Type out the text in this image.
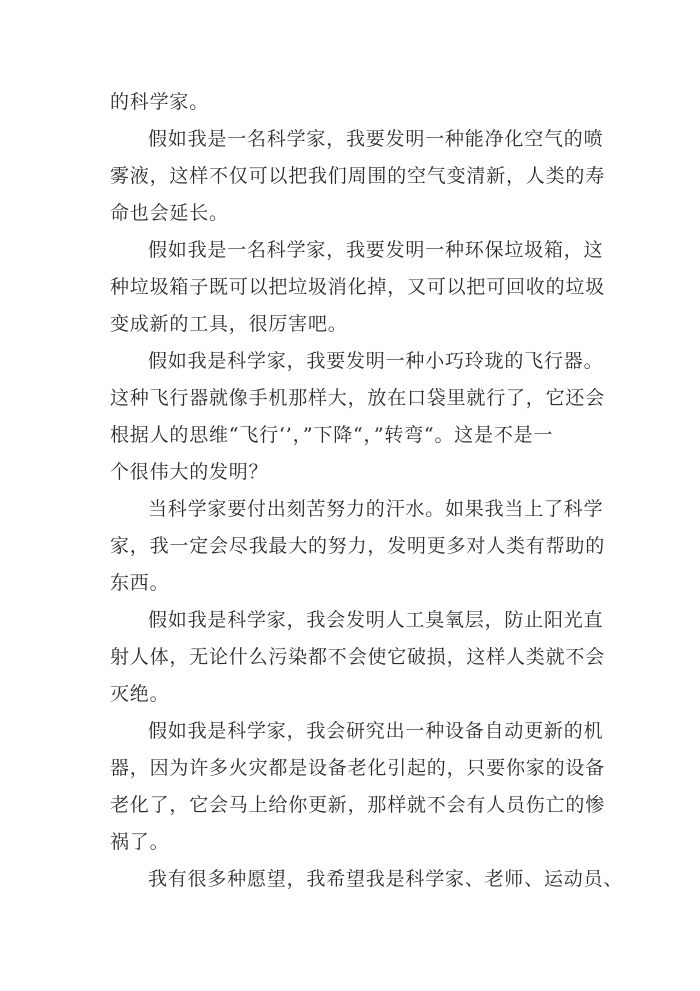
的科学家。
假如我是一名科学家，我要发明一种能净化空气的喷
雾液，这样不仅可以把我们周围的空气变清新，人类的寿
命也会延长。
假如我是一名科学家，我要发明一种环保垃圾箱，这
种垃圾箱子既可以把垃圾消化掉，又可以把可回收的垃圾
变成新的工具，很厉害吧。
假如我是科学家，我要发明一种小巧玲珑的飞行器。
这种飞行器就像手机那样大，放在口袋里就行了，它还会
根据人的思维“飞行‘’，”下降“，”转弯“。这是不是一
个很伟大的发明？
当科学家要付出刻苦努力的汗水。如果我当上了科学
家，我一定会尽我最大的努力，发明更多对人类有帮助的
东西。
假如我是科学家，我会发明人工臭氧层，防止阳光直
射人体，无论什么污染都不会使它破损，这样人类就不会
灭绝。
假如我是科学家，我会研究出一种设备自动更新的机
器，因为许多火灾都是设备老化引起的，只要你家的设备
老化了，它会马上给你更新，那样就不会有人员伤亡的惨
祸了。
我有很多种愿望，我希望我是科学家、老师、运动员、
